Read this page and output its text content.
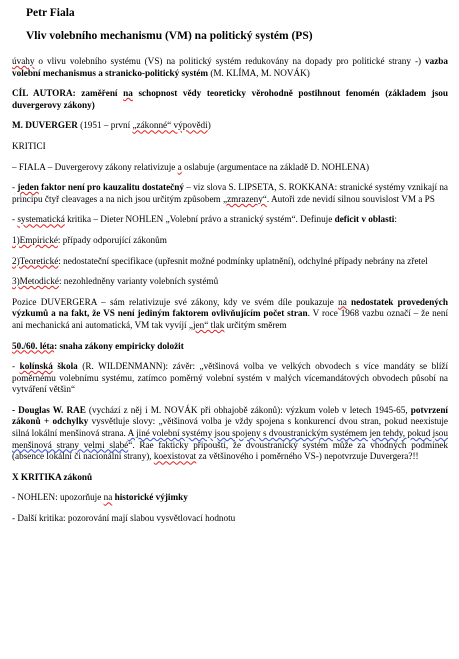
Petr Fiala
Vliv volebního mechanismu (VM) na politický systém (PS)

úvahy o vlivu volebního systému (VS) na politický systém redukovány na dopady pro politické strany -) vazba volební mechanismus a stranicko-politický systém (M. KLÍMA, M. NOVÁK)

CÍL AUTORA: zaměření na schopnost vědy teoreticky věrohodně postihnout fenomén (základem jsou duvergerovy zákony)

M. DUVERGER (1951 – první „zákonné“ výpovědi)

KRITICI

– FIALA – Duvergerovy zákony relativizuje a oslabuje (argumentace na základě D. NOHLENA)

- jeden faktor není pro kauzalitu dostatečný – viz slova S. LIPSETA, S. ROKKANA: stranické systémy vznikají na principu čtyř cleavages a na nich jsou určitým způsobem „zmrazeny“. Autoři zde nevidí silnou souvislost VM a PS

- systematická kritika – Dieter NOHLEN „Volební právo a stranický systém“. Definuje deficit v oblasti:

1)Empirické: případy odporující zákonům

2)Teoretické: nedostateční specifikace (upřesnit možné podmínky uplatnění), odchylné případy nebrány na zřetel

3)Metodické: nezohledněny varianty volebních systémů

Pozice DUVERGERA – sám relativizuje své zákony, kdy ve svém díle poukazuje na nedostatek provedených výzkumů a na fakt, že VS není jediným faktorem ovlivňujícím počet stran. V roce 1968 vazbu označí – že není ani mechanická ani automatická, VM tak vyvíjí „jen“ tlak určitým směrem

50./60. léta: snaha zákony empiricky doložit

- kolínská škola (R. WILDENMANN): závěr: „většinová volba ve velkých obvodech s více mandáty se blíží poměrnému volebnímu systému, zatímco poměrný volební systém v malých vícemandátových obvodech působí na vytváření většin“

- Douglas W. RAE (vychází z něj i M. NOVÁK při obhajobě zákonů): výzkum voleb v letech 1945-65, potvrzení zákonů + odchylky vysvětluje slovy: „většinová volba je vždy spojena s konkurencí dvou stran, pokud neexistuje silná lokální menšinová strana. A jiné volební systémy jsou spojeny s dvoustranickým systémem jen tehdy, pokud jsou menšinová strany velmi slabé“. Rae fakticky připouští, že dvoustranický systém může za vhodných podmínek (absence lokální či nacionální strany), koexistovat za většinového i poměrného VS-) nepotvrzuje Duvergera?!!

X KRITIKA zákonů

- NOHLEN: upozorňuje na historické výjimky

- Další kritika: pozorování mají slabou vysvětlovací hodnotu
